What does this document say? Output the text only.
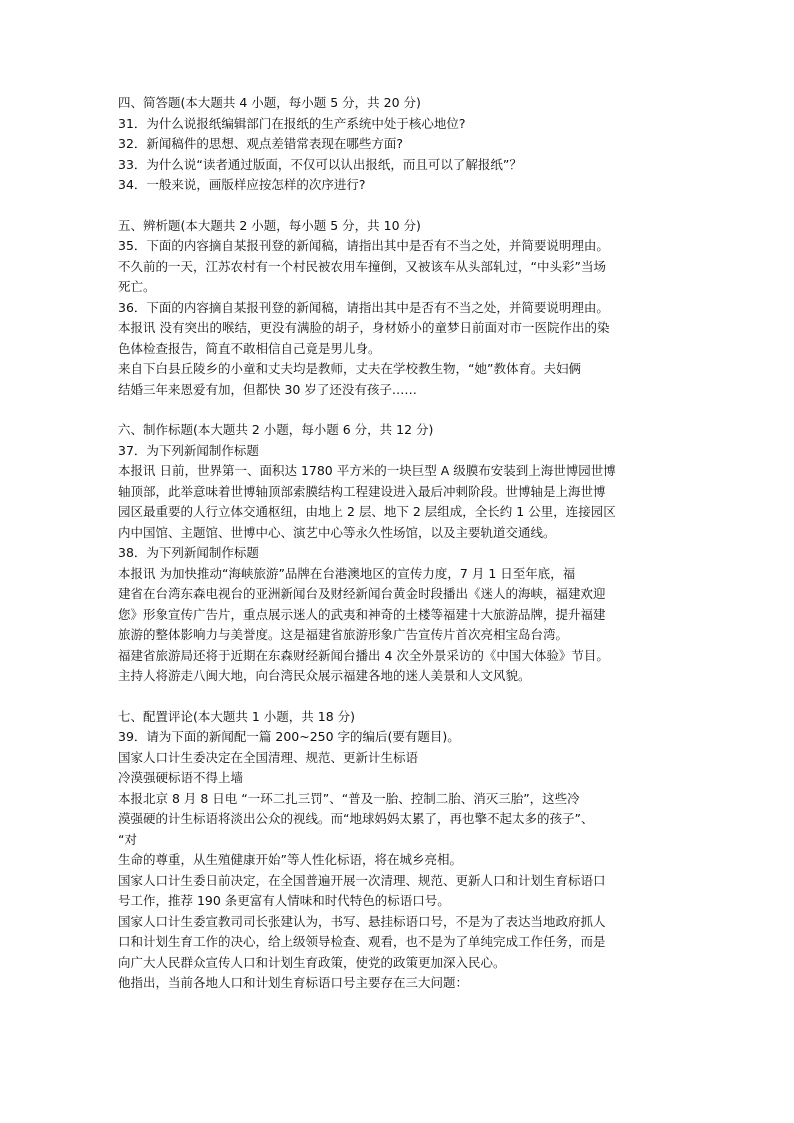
四、简答题(本大题共 4 小题，每小题 5 分，共 20 分)
31．为什么说报纸编辑部门在报纸的生产系统中处于核心地位?
32．新闻稿件的思想、观点差错常表现在哪些方面?
33．为什么说“读者通过版面，不仅可以认出报纸，而且可以了解报纸”？
34．一般来说，画版样应按怎样的次序进行?
五、辨析题(本大题共 2 小题，每小题 5 分，共 10 分)
35．下面的内容摘自某报刊登的新闻稿，请指出其中是否有不当之处，并简要说明理由。
不久前的一天，江苏农村有一个村民被农用车撞倒，又被该车从头部轧过，“中头彩”当场
死亡。
36．下面的内容摘自某报刊登的新闻稿，请指出其中是否有不当之处，并简要说明理由。
本报讯 没有突出的喉结，更没有满脸的胡子，身材娇小的童梦日前面对市一医院作出的染
色体检查报告，简直不敢相信自己竟是男儿身。
来自下白县丘陵乡的小童和丈夫均是教师，丈夫在学校教生物，“她”教体育。夫妇俩
结婚三年来恩爱有加，但都快 30 岁了还没有孩子……
六、制作标题(本大题共 2 小题，每小题 6 分，共 12 分)
37．为下列新闻制作标题
本报讯 日前，世界第一、面积达 1780 平方米的一块巨型 A 级膜布安装到上海世博园世博
轴顶部，此举意味着世博轴顶部索膜结构工程建设进入最后冲刺阶段。世博轴是上海世博
园区最重要的人行立体交通枢纽，由地上 2 层、地下 2 层组成，全长约 1 公里，连接园区
内中国馆、主题馆、世博中心、演艺中心等永久性场馆，以及主要轨道交通线。
38．为下列新闻制作标题
本报讯 为加快推动“海峡旅游”品牌在台港澳地区的宣传力度，7 月 1 日至年底，福
建省在台湾东森电视台的亚洲新闻台及财经新闻台黄金时段播出《迷人的海峡，福建欢迎
您》形象宣传广告片，重点展示迷人的武夷和神奇的土楼等福建十大旅游品牌，提升福建
旅游的整体影响力与美誉度。这是福建省旅游形象广告宣传片首次亮相宝岛台湾。
福建省旅游局还将于近期在东森财经新闻台播出 4 次全外景采访的《中国大体验》节目。
主持人将游走八闽大地，向台湾民众展示福建各地的迷人美景和人文风貌。
七、配置评论(本大题共 1 小题，共 18 分)
39．请为下面的新闻配一篇 200~250 字的编后(要有题目)。
国家人口计生委决定在全国清理、规范、更新计生标语
冷漠强硬标语不得上墙
本报北京 8 月 8 日电 “一环二扎三罚”、“普及一胎、控制二胎、消灭三胎”，这些冷
漠强硬的计生标语将淡出公众的视线。而“地球妈妈太累了，再也擎不起太多的孩子”、
“对
生命的尊重，从生殖健康开始”等人性化标语，将在城乡亮相。
国家人口计生委日前决定，在全国普遍开展一次清理、规范、更新人口和计划生育标语口
号工作，推荐 190 条更富有人情味和时代特色的标语口号。
国家人口计生委宣教司司长张建认为，书写、悬挂标语口号，不是为了表达当地政府抓人
口和计划生育工作的决心，给上级领导检查、观看，也不是为了单纯完成工作任务，而是
向广大人民群众宣传人口和计划生育政策，使党的政策更加深入民心。
他指出，当前各地人口和计划生育标语口号主要存在三大问题：
